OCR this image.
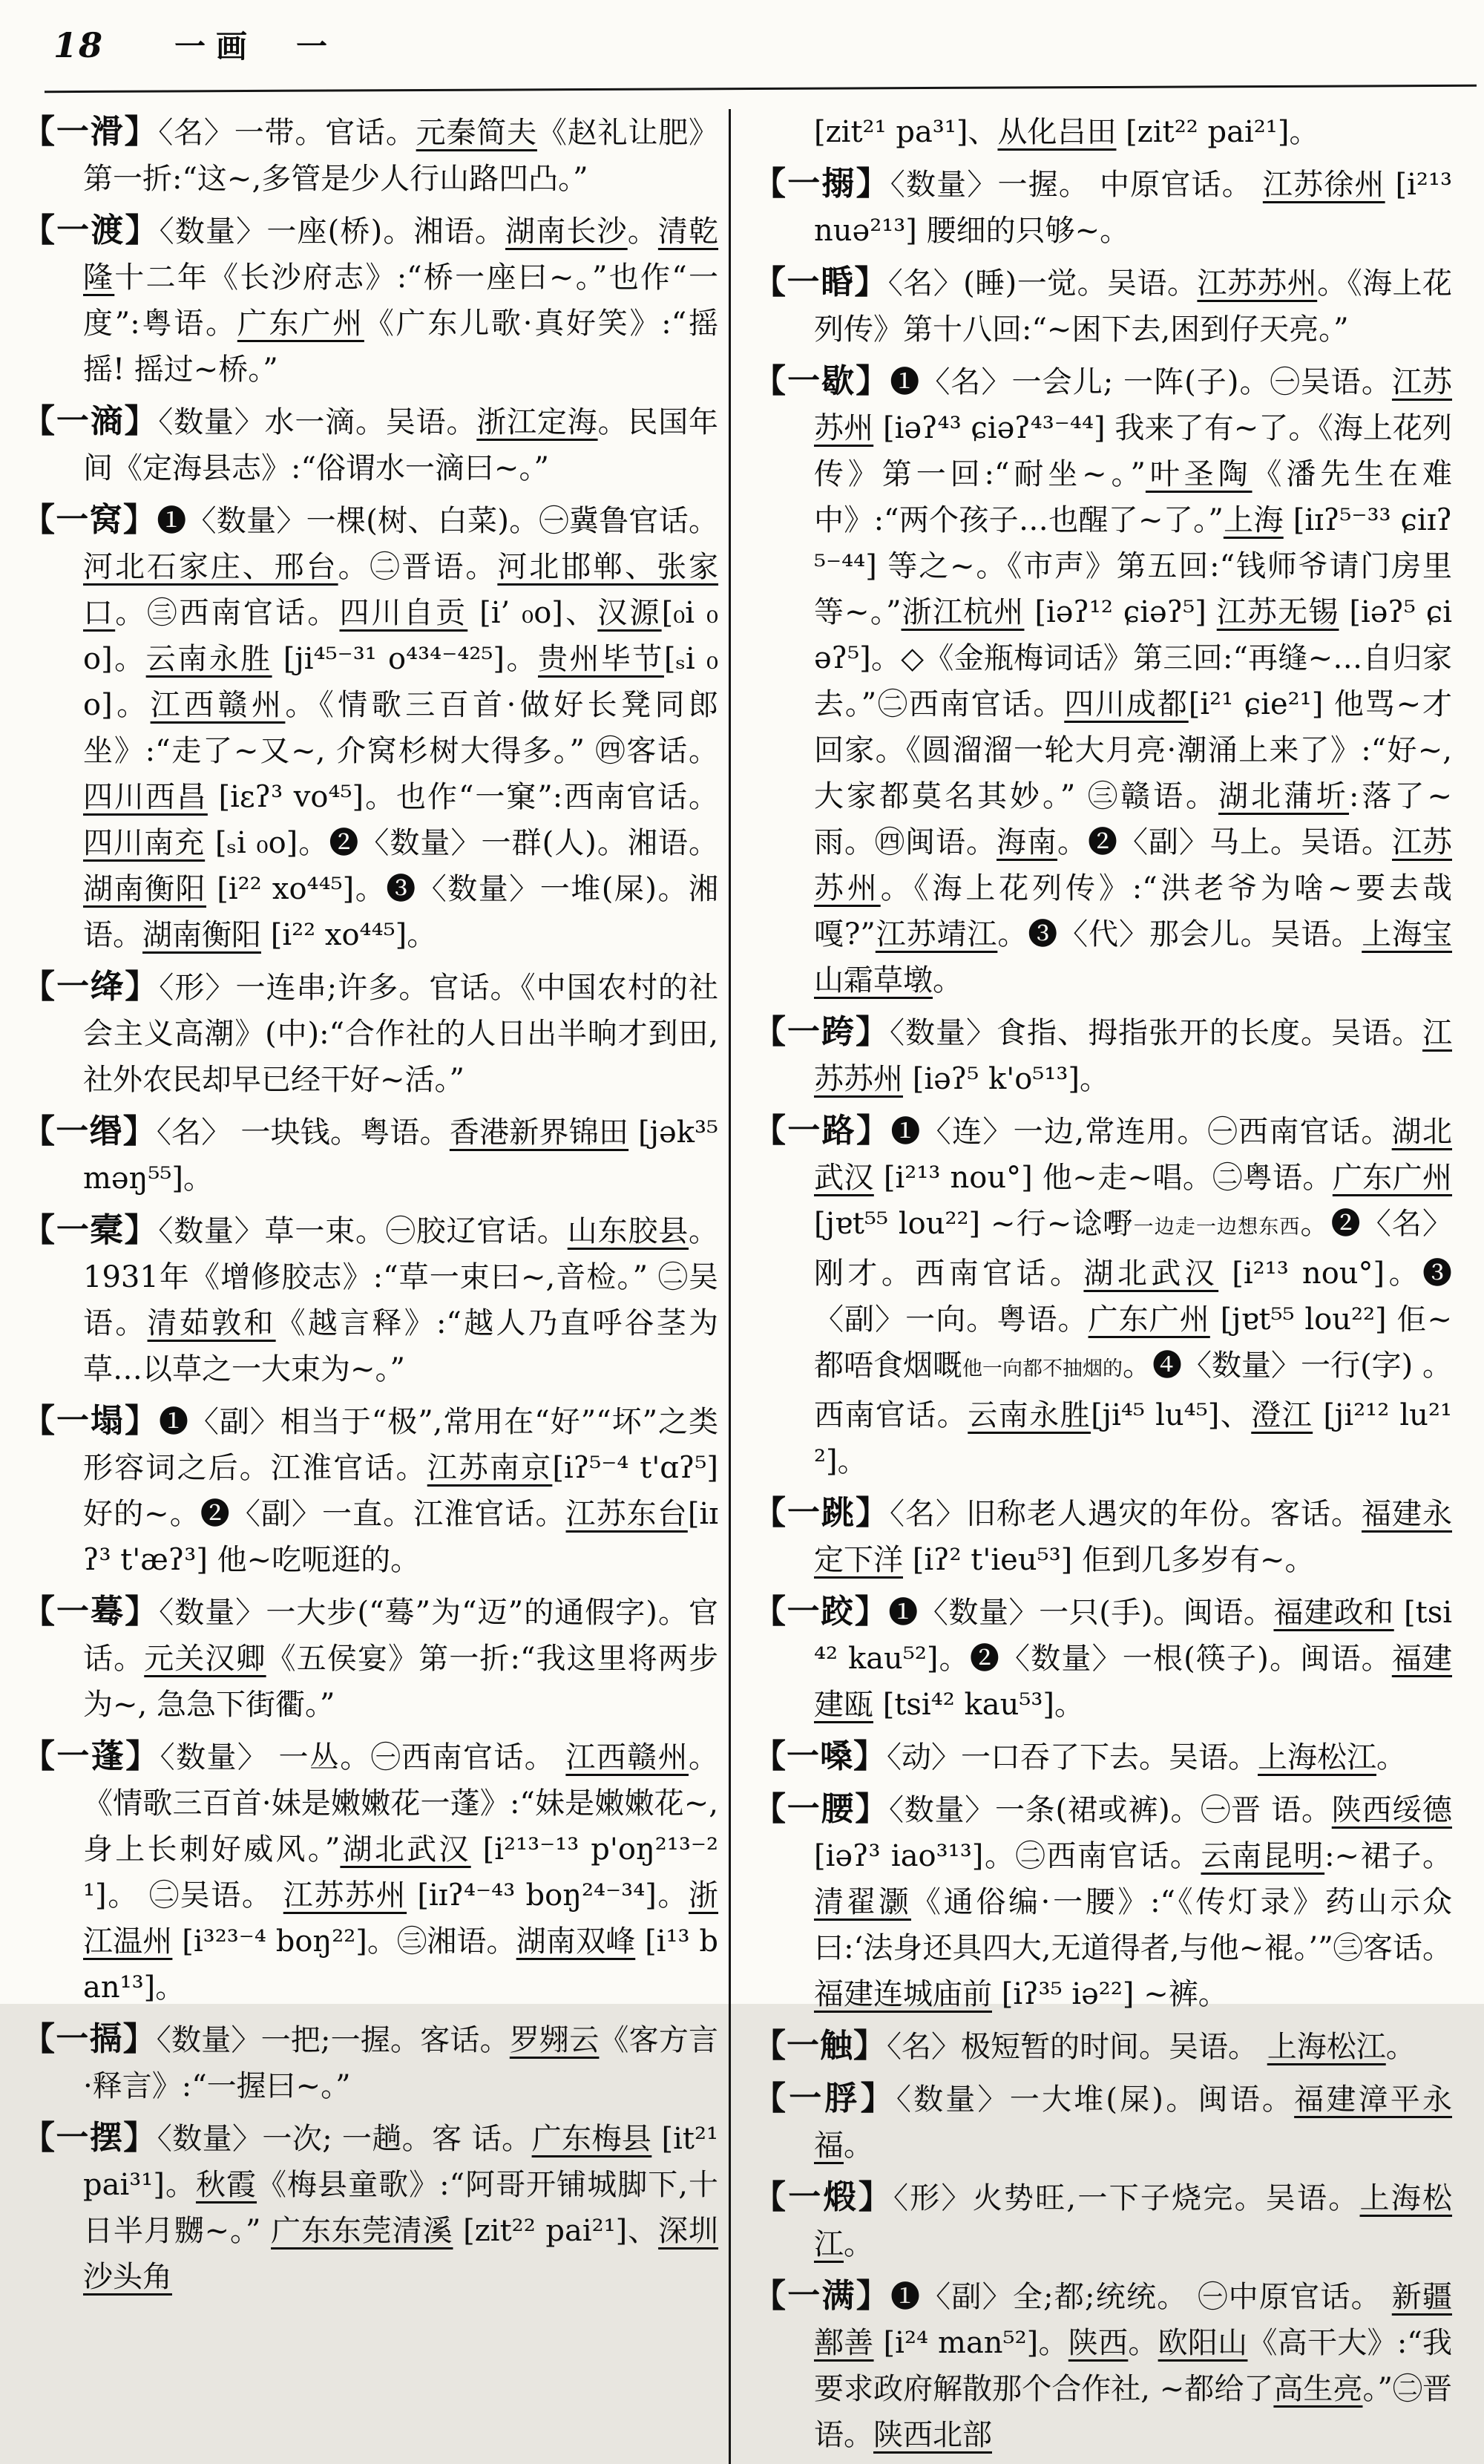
18 一画 一

【一滑】〈名〉一带。官话。元秦简夫《赵礼让肥》第一折:“这~,多管是少人行山路凹凸。”

【一渡】〈数量〉一座(桥)。湘语。湖南长沙。清乾隆十二年《长沙府志》:“桥一座曰~。”也作“一度”:粤语。广东广州《广东儿歌·真好笑》:“摇摇! 摇过~桥。”

【一滳】〈数量〉水一滴。吴语。浙江定海。民国年间《定海县志》:“俗谓水一滴曰~。”

【一窝】❶〈数量〉一棵(树、白菜)。㊀冀鲁官话。河北石家庄、邢台。㊁晋语。河北邯郸、张家口。㊂西南官话。四川自贡 [i’ ₀o]、汉源[₀i ₀o]。云南永胜 [ji⁴⁵⁻³¹ o⁴³⁴⁻⁴²⁵]。贵州毕节[ₛi ₀o]。江西赣州。《情歌三百首·做好长凳同郎坐》:“走了~又~, 介窝杉树大得多。” ㊃客话。四川西昌 [iɛʔ³ vo⁴⁵]。也作“一窠”:西南官话。四川南充 [ₛi ₀o]。❷〈数量〉一群(人)。湘语。湖南衡阳 [i²² xo⁴⁴⁵]。❸〈数量〉一堆(屎)。湘语。湖南衡阳 [i²² xo⁴⁴⁵]。

【一绛】〈形〉一连串;许多。官话。《中国农村的社会主义高潮》(中):“合作社的人日出半晌才到田,社外农民却早已经干好~活。”

【一缗】〈名〉 一块钱。粤语。香港新界锦田 [jək³⁵ məŋ⁵⁵]。

【一槖】〈数量〉草一束。㊀胶辽官话。山东胶县。1931年《增修胶志》:“草一束曰~,音检。” ㊁吴语。清茹敦和《越言释》:“越人乃直呼谷茎为草…以草之一大束为~。”

【一塌】❶〈副〉相当于“极”,常用在“好”“坏”之类形容词之后。江淮官话。江苏南京[iʔ⁵⁻⁴ t'ɑʔ⁵] 好的~。❷〈副〉一直。江淮官话。江苏东台[iɪʔ³ t'æʔ³] 他~吃呃逛的。

【一蓦】〈数量〉一大步(“蓦”为“迈”的通假字)。官话。元关汉卿《五侯宴》第一折:“我这里将两步为~, 急急下街衢。”

【一蓬】〈数量〉 一丛。㊀西南官话。 江西赣州。《情歌三百首·妹是嫩嫩花一蓬》:“妹是嫩嫩花~, 身上长刺好威风。”湖北武汉 [i²¹³⁻¹³ p'oŋ²¹³⁻²¹]。 ㊁吴语。 江苏苏州 [iɪʔ⁴⁻⁴³ boŋ²⁴⁻³⁴]。浙江温州 [i³²³⁻⁴ boŋ²²]。㊂湘语。湖南双峰 [i¹³ ban¹³]。

【一搹】〈数量〉一把;一握。客话。罗翙云《客方言·释言》:“一握曰~。”

【一摆】〈数量〉一次; 一趟。客 话。广东梅县 [it²¹ pai³¹]。秋霞《梅县童歌》:“阿哥开铺城脚下,十日半月嬲~。” 广东东莞清溪 [zit²² pai²¹]、深圳沙头角

[zit²¹ pa³¹]、从化吕田 [zit²² pai²¹]。

【一搦】〈数量〉一握。 中原官话。 江苏徐州 [i²¹³ nuə²¹³] 腰细的只够~。

【一睧】〈名〉(睡)一觉。吴语。江苏苏州。《海上花列传》第十八回:“~困下去,困到仔天亮。”

【一歇】❶〈名〉一会儿; 一阵(子)。㊀吴语。江苏苏州 [iəʔ⁴³ ɕiəʔ⁴³⁻⁴⁴] 我来了有~了。《海上花列传》第一回:“耐坐~。”叶圣陶《潘先生在难中》:“两个孩子…也醒了~了。”上海 [iɪʔ⁵⁻³³ ɕiɪʔ⁵⁻⁴⁴] 等之~。《市声》第五回:“钱师爷请门房里等~。”浙江杭州 [iəʔ¹² ɕiəʔ⁵] 江苏无锡 [iəʔ⁵ ɕiəʔ⁵]。◇《金瓶梅词话》第三回:“再缝~…自归家去。”㊁西南官话。四川成都[i²¹ ɕie²¹] 他骂~才回家。《圆溜溜一轮大月亮·潮涌上来了》:“好~,大家都莫名其妙。” ㊂赣语。湖北蒲圻:落了~雨。㊃闽语。海南。❷〈副〉马上。吴语。江苏苏州。《海上花列传》:“洪老爷为啥~要去哉嘎?”江苏靖江。❸〈代〉那会儿。吴语。上海宝山霜草墩。

【一跨】〈数量〉食指、拇指张开的长度。吴语。江苏苏州 [iəʔ⁵ k'o⁵¹³]。

【一路】❶〈连〉一边,常连用。㊀西南官话。湖北武汉 [i²¹³ nou°] 他~走~唱。㊁粤语。广东广州 [jɐt⁵⁵ lou²²] ~行~谂嘢一边走一边想东西。❷〈名〉刚才。西南官话。湖北武汉 [i²¹³ nou°]。❸〈副〉一向。粤语。广东广州 [jɐt⁵⁵ lou²²] 佢~都唔食烟嘅他一向都不抽烟的。❹〈数量〉一行(字) 。西南官话。云南永胜[ji⁴⁵ lu⁴⁵]、澄江 [ji²¹² lu²¹²]。

【一跳】〈名〉旧称老人遇灾的年份。客话。福建永定下洋 [iʔ² t'ieu⁵³] 佢到几多岁有~。

【一跤】❶〈数量〉一只(手)。闽语。福建政和 [tsi⁴² kau⁵²]。❷〈数量〉一根(筷子)。闽语。福建建瓯 [tsi⁴² kau⁵³]。

【一嗓】〈动〉一口吞了下去。吴语。上海松江。

【一腰】〈数量〉一条(裙或裤)。㊀晋 语。陕西绥德[iəʔ³ iao³¹³]。㊁西南官话。云南昆明:~裙子。清翟灏《通俗编·一腰》:“《传灯录》药山示众曰:‘法身还具四大,无道得者,与他~裩。’”㊂客话。福建连城庙前 [iʔ³⁵ iə²²] ~裤。

【一触】〈名〉极短暂的时间。吴语。 上海松江。

【一脬】〈数量〉一大堆(屎)。闽语。福建漳平永福。

【一煅】〈形〉火势旺,一下子烧完。吴语。上海松江。

【一满】❶〈副〉全;都;统统。 ㊀中原官话。 新疆鄯善 [i²⁴ man⁵²]。陕西。欧阳山《高干大》:“我要求政府解散那个合作社, ~都给了高生亮。”㊁晋语。陕西北部
